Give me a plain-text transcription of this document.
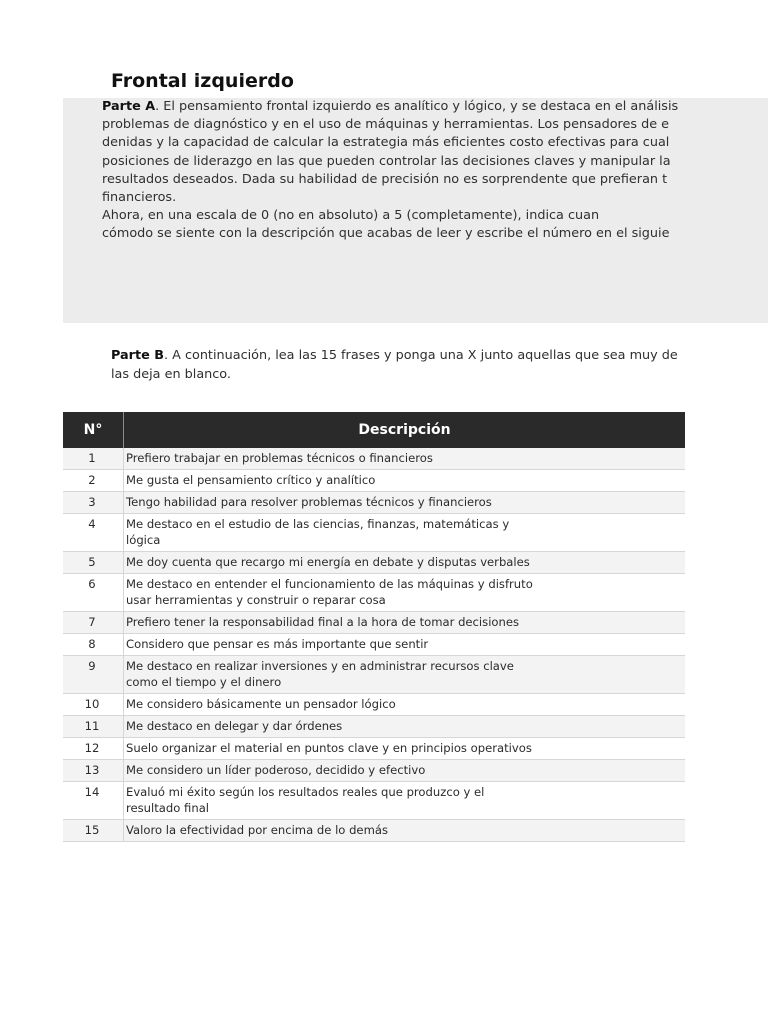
Frontal izquierdo
Parte A. El pensamiento frontal izquierdo es analítico y lógico, y se destaca en el análisis
problemas de diagnóstico y en el uso de máquinas y herramientas. Los pensadores de e
denidas y la capacidad de calcular la estrategia más eficientes costo efectivas para cual
posiciones de liderazgo en las que pueden controlar las decisiones claves y manipular la
resultados deseados. Dada su habilidad de precisión no es sorprendente que prefieran t
financieros.
Ahora, en una escala de 0 (no en absoluto) a 5 (completamente), indica cuan
cómodo se siente con la descripción que acabas de leer y escribe el número en el siguie
Parte B. A continuación, lea las 15 frases y ponga una X junto aquellas que sea muy de
las deja en blanco.
N°	Descripción
1	Prefiero trabajar en problemas técnicos o financieros

2	Me gusta el pensamiento crítico y analítico

3	Tengo habilidad para resolver problemas técnicos y financieros

4	Me destaco en el estudio de las ciencias, finanzas, matemáticas y lógica

5	Me doy cuenta que recargo mi energía en debate y disputas verbales

6	Me destaco en entender el funcionamiento de las máquinas y disfruto usar herramientas y construir o reparar cosa

7	Prefiero tener la responsabilidad final a la hora de tomar decisiones

8	Considero que pensar es más importante que sentir

9	Me destaco en realizar inversiones y en administrar recursos clave como el tiempo y el dinero

10	Me considero básicamente un pensador lógico

11	Me destaco en delegar y dar órdenes

12	Suelo organizar el material en puntos clave y en principios operativos

13	Me considero un líder poderoso, decidido y efectivo

14	Evaluó mi éxito según los resultados reales que produzco y el resultado final

15	Valoro la efectividad por encima de lo demás
